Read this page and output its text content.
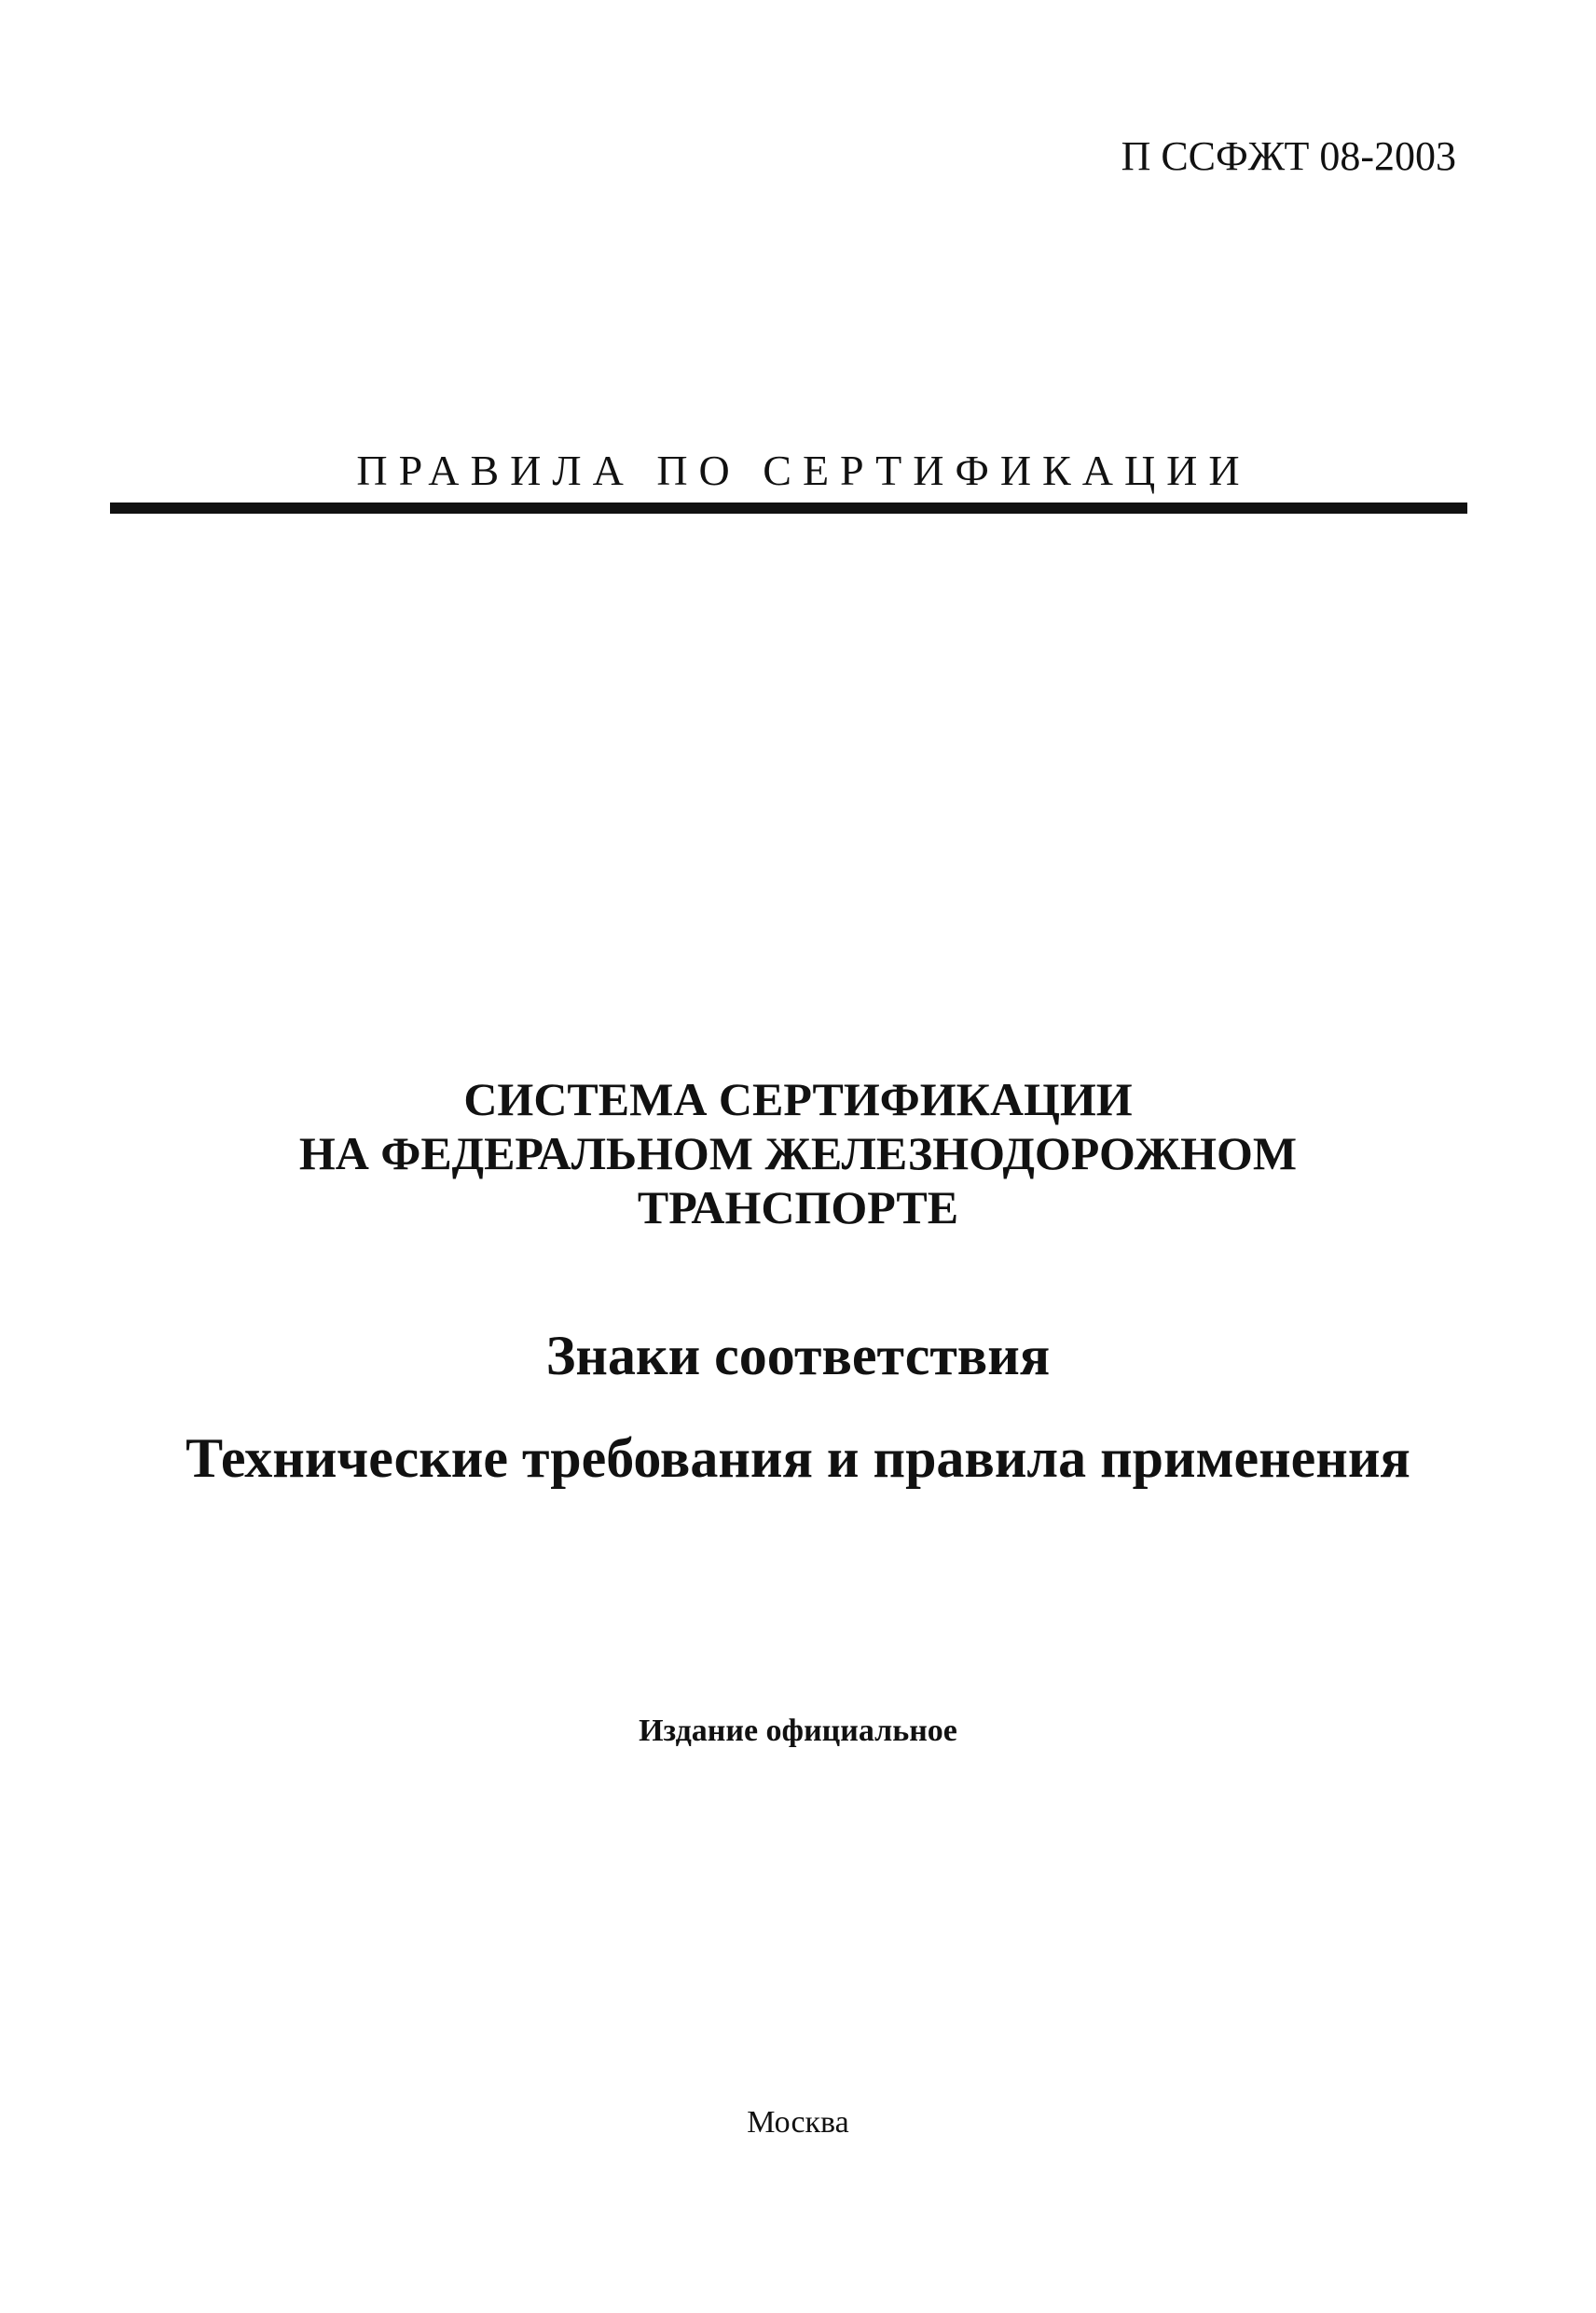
П ССФЖТ 08-2003
ПРАВИЛА ПО СЕРТИФИКАЦИИ
СИСТЕМА СЕРТИФИКАЦИИ
НА ФЕДЕРАЛЬНОМ ЖЕЛЕЗНОДОРОЖНОМ
ТРАНСПОРТЕ
Знаки соответствия
Технические требования и правила применения
Издание официальное
Москва
